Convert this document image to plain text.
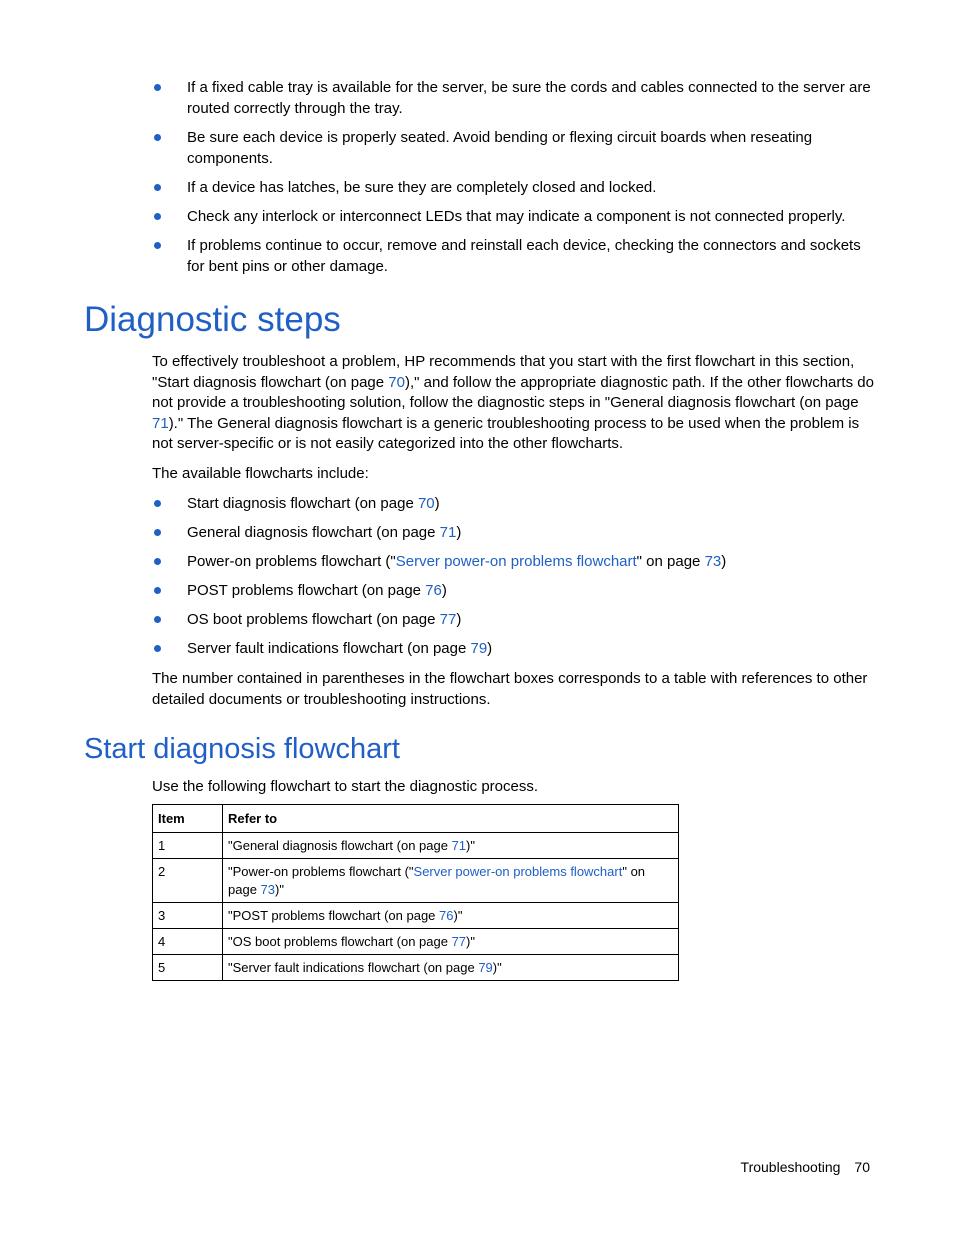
If a fixed cable tray is available for the server, be sure the cords and cables connected to the server are routed correctly through the tray.
Be sure each device is properly seated. Avoid bending or flexing circuit boards when reseating components.
If a device has latches, be sure they are completely closed and locked.
Check any interlock or interconnect LEDs that may indicate a component is not connected properly.
If problems continue to occur, remove and reinstall each device, checking the connectors and sockets for bent pins or other damage.
Diagnostic steps

To effectively troubleshoot a problem, HP recommends that you start with the first flowchart in this section, "Start diagnosis flowchart (on page 70)," and follow the appropriate diagnostic path. If the other flowcharts do not provide a troubleshooting solution, follow the diagnostic steps in "General diagnosis flowchart (on page 71)." The General diagnosis flowchart is a generic troubleshooting process to be used when the problem is not server-specific or is not easily categorized into the other flowcharts.

The available flowcharts include:

Start diagnosis flowchart (on page 70)
General diagnosis flowchart (on page 71)
Power-on problems flowchart ("Server power-on problems flowchart" on page 73)
POST problems flowchart (on page 76)
OS boot problems flowchart (on page 77)
Server fault indications flowchart (on page 79)

The number contained in parentheses in the flowchart boxes corresponds to a table with references to other detailed documents or troubleshooting instructions.

Start diagnosis flowchart

Use the following flowchart to start the diagnostic process.

Item	Refer to
1	"General diagnosis flowchart (on page 71)"
2	"Power-on problems flowchart ("Server power-on problems flowchart" on page 73)"
3	"POST problems flowchart (on page 76)"
4	"OS boot problems flowchart (on page 77)"
5	"Server fault indications flowchart (on page 79)"
Troubleshooting 70
